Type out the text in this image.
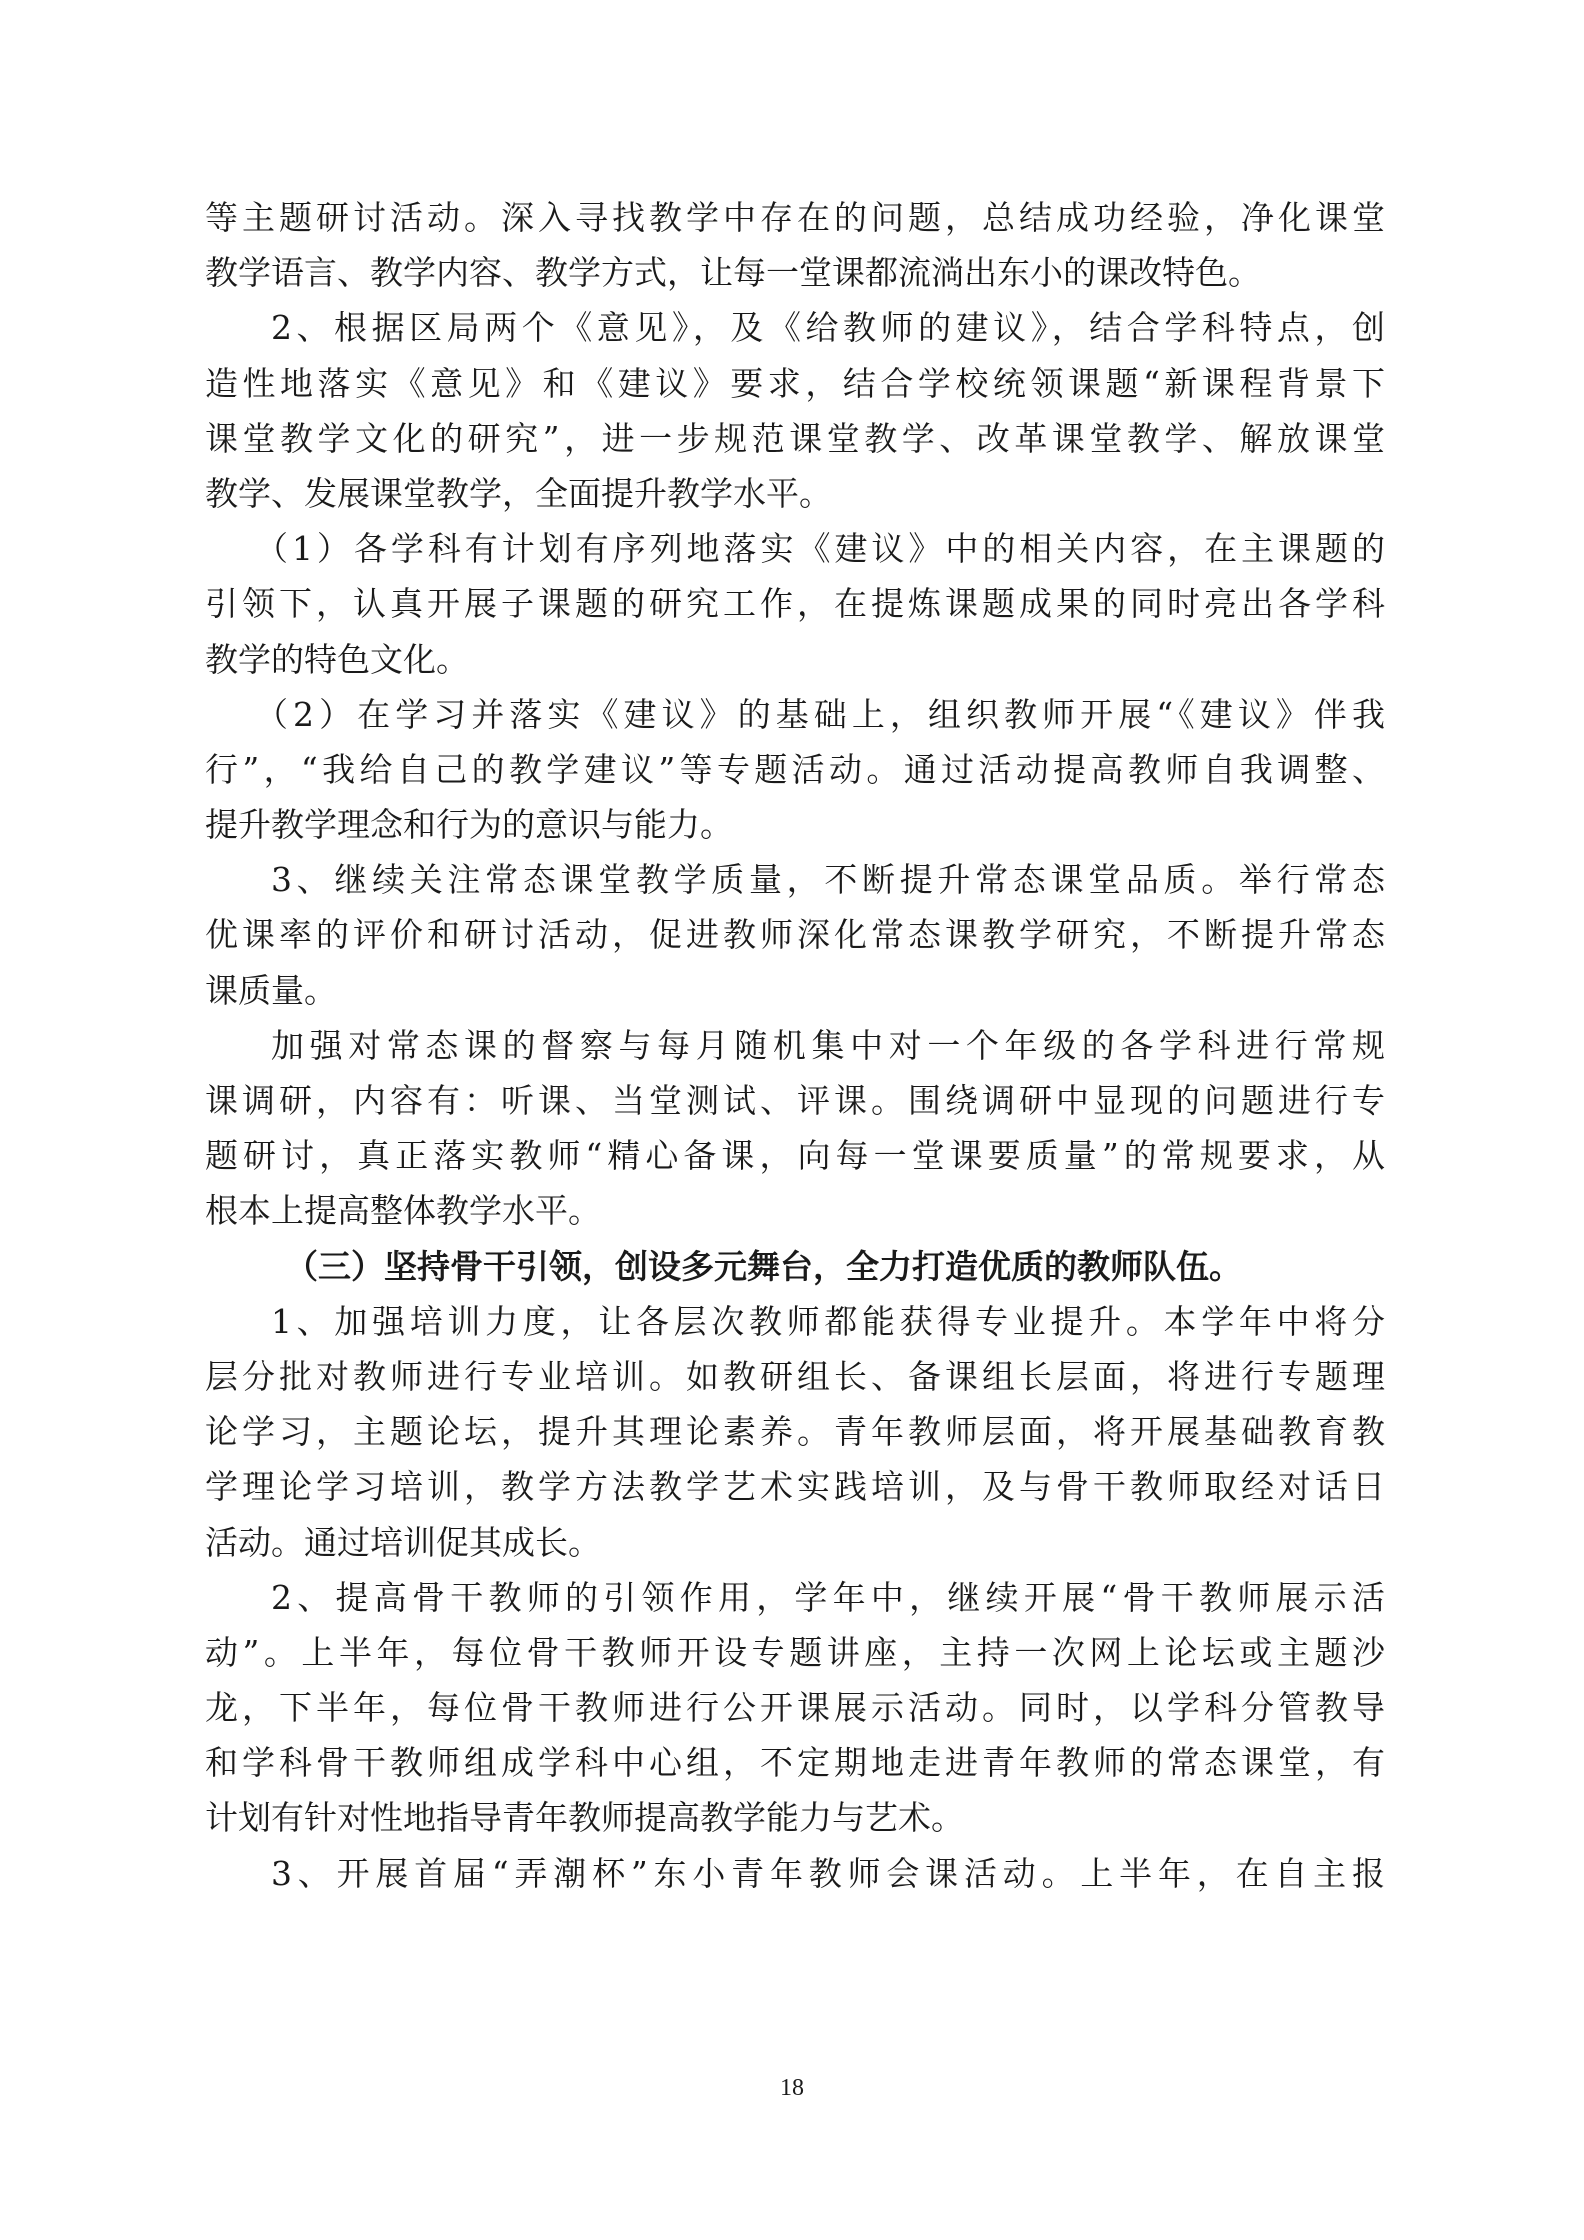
等主题研讨活动。深入寻找教学中存在的问题，总结成功经验，净化课堂
教学语言、教学内容、教学方式，让每一堂课都流淌出东小的课改特色。
2、根据区局两个《意见》，及《给教师的建议》，结合学科特点，创
造性地落实《意见》和《建议》要求，结合学校统领课题“新课程背景下
课堂教学文化的研究”，进一步规范课堂教学、改革课堂教学、解放课堂
教学、发展课堂教学，全面提升教学水平。
（1）各学科有计划有序列地落实《建议》中的相关内容，在主课题的
引领下，认真开展子课题的研究工作，在提炼课题成果的同时亮出各学科
教学的特色文化。
（2）在学习并落实《建议》的基础上，组织教师开展“《建议》伴我
行”，“我给自己的教学建议”等专题活动。通过活动提高教师自我调整、
提升教学理念和行为的意识与能力。
3、继续关注常态课堂教学质量，不断提升常态课堂品质。举行常态
优课率的评价和研讨活动，促进教师深化常态课教学研究，不断提升常态
课质量。
加强对常态课的督察与每月随机集中对一个年级的各学科进行常规
课调研，内容有：听课、当堂测试、评课。围绕调研中显现的问题进行专
题研讨，真正落实教师“精心备课，向每一堂课要质量”的常规要求，从
根本上提高整体教学水平。
（三）坚持骨干引领，创设多元舞台，全力打造优质的教师队伍。
1、加强培训力度，让各层次教师都能获得专业提升。本学年中将分
层分批对教师进行专业培训。如教研组长、备课组长层面，将进行专题理
论学习，主题论坛，提升其理论素养。青年教师层面，将开展基础教育教
学理论学习培训，教学方法教学艺术实践培训，及与骨干教师取经对话日
活动。通过培训促其成长。
2、提高骨干教师的引领作用，学年中，继续开展“骨干教师展示活
动”。上半年，每位骨干教师开设专题讲座，主持一次网上论坛或主题沙
龙，下半年，每位骨干教师进行公开课展示活动。同时，以学科分管教导
和学科骨干教师组成学科中心组，不定期地走进青年教师的常态课堂，有
计划有针对性地指导青年教师提高教学能力与艺术。
3、开展首届“弄潮杯”东小青年教师会课活动。上半年，在自主报
18
